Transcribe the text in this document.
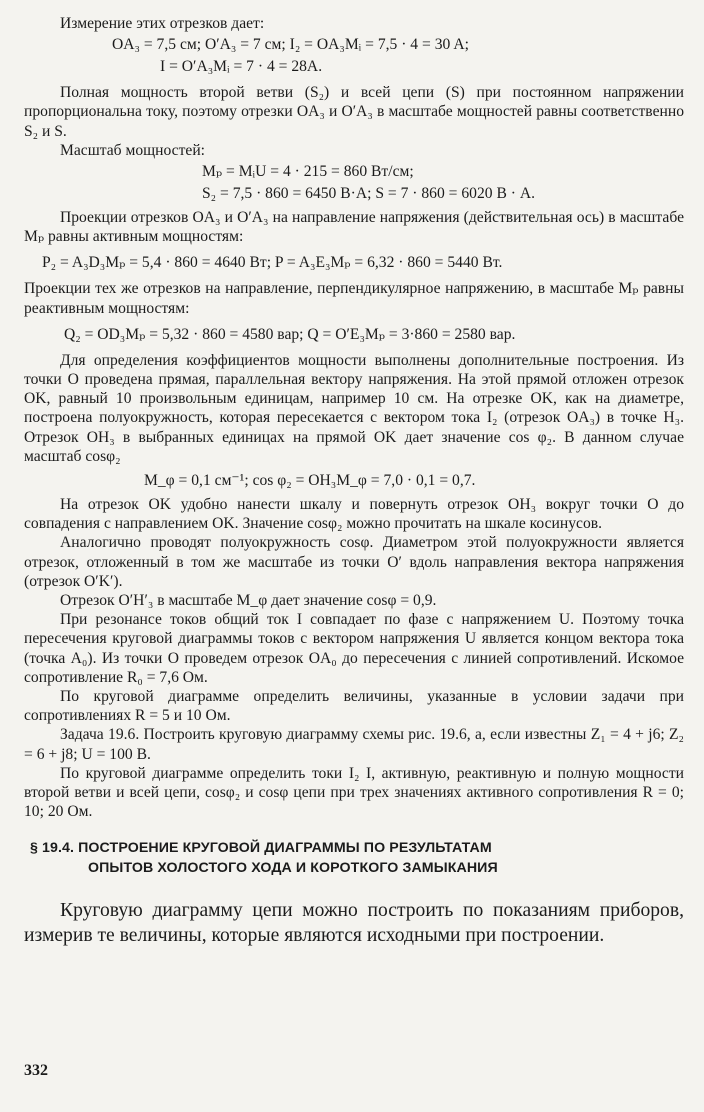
Измерение этих отрезков дает:

OA₃ = 7,5 см; O′A₃ = 7 см; I₂ = OA₃Mᵢ = 7,5 · 4 = 30 A;
I = O′A₃Mᵢ = 7 · 4 = 28A.

Полная мощность второй ветви (S₂) и всей цепи (S) при постоянном напряжении пропорциональна току, поэтому отрезки OA₃ и O′A₃ в масштабе мощностей равны соответственно S₂ и S.

Масштаб мощностей:

Mₚ = MᵢU = 4 · 215 = 860 Вт/см;
S₂ = 7,5 · 860 = 6450 В·А; S = 7 · 860 = 6020 В · А.

Проекции отрезков OA₃ и O′A₃ на направление напряжения (действительная ось) в масштабе Mₚ равны активным мощностям:

P₂ = A₃D₃Mₚ = 5,4 · 860 = 4640 Вт; P = A₃E₃Mₚ = 6,32 · 860 = 5440 Вт.

Проекции тех же отрезков на направление, перпендикулярное напряжению, в масштабе Mₚ равны реактивным мощностям:

Q₂ = OD₃Mₚ = 5,32 · 860 = 4580 вар; Q = O′E₃Mₚ = 3·860 = 2580 вар.

Для определения коэффициентов мощности выполнены дополнительные построения. Из точки O проведена прямая, параллельная вектору напряжения. На этой прямой отложен отрезок OK, равный 10 произвольным единицам, например 10 см. На отрезке OK, как на диаметре, построена полуокружность, которая пересекается с вектором тока I₂ (отрезок OA₃) в точке H₃. Отрезок OH₃ в выбранных единицах на прямой OK дает значение cos φ₂. В данном случае масштаб cosφ₂

M_φ = 0,1 см⁻¹; cos φ₂ = OH₃M_φ = 7,0 · 0,1 = 0,7.

На отрезок OK удобно нанести шкалу и повернуть отрезок OH₃ вокруг точки O до совпадения с направлением OK. Значение cosφ₂ можно прочитать на шкале косинусов.

Аналогично проводят полуокружность cosφ. Диаметром этой полуокружности является отрезок, отложенный в том же масштабе из точки O′ вдоль направления вектора напряжения (отрезок O′K′).

Отрезок O′H′₃ в масштабе M_φ дает значение cosφ = 0,9.

При резонансе токов общий ток I совпадает по фазе с напряжением U. Поэтому точка пересечения круговой диаграммы токов с вектором напряжения U является концом вектора тока (точка A₀). Из точки O проведем отрезок OA₀ до пересечения с линией сопротивлений. Искомое сопротивление R₀ = 7,6 Ом.

По круговой диаграмме определить величины, указанные в условии задачи при сопротивлениях R = 5 и 10 Ом.

Задача 19.6. Построить круговую диаграмму схемы рис. 19.6, а, если известны Z₁ = 4 + j6; Z₂ = 6 + j8; U = 100 В.

По круговой диаграмме определить токи I₂ I, активную, реактивную и полную мощности второй ветви и всей цепи, cosφ₂ и cosφ цепи при трех значениях активного сопротивления R = 0; 10; 20 Ом.

§ 19.4. ПОСТРОЕНИЕ КРУГОВОЙ ДИАГРАММЫ ПО РЕЗУЛЬТАТАМ
ОПЫТОВ ХОЛОСТОГО ХОДА И КОРОТКОГО ЗАМЫКАНИЯ

Круговую диаграмму цепи можно построить по показаниям приборов, измерив те величины, которые являются исходными при построении.

332
